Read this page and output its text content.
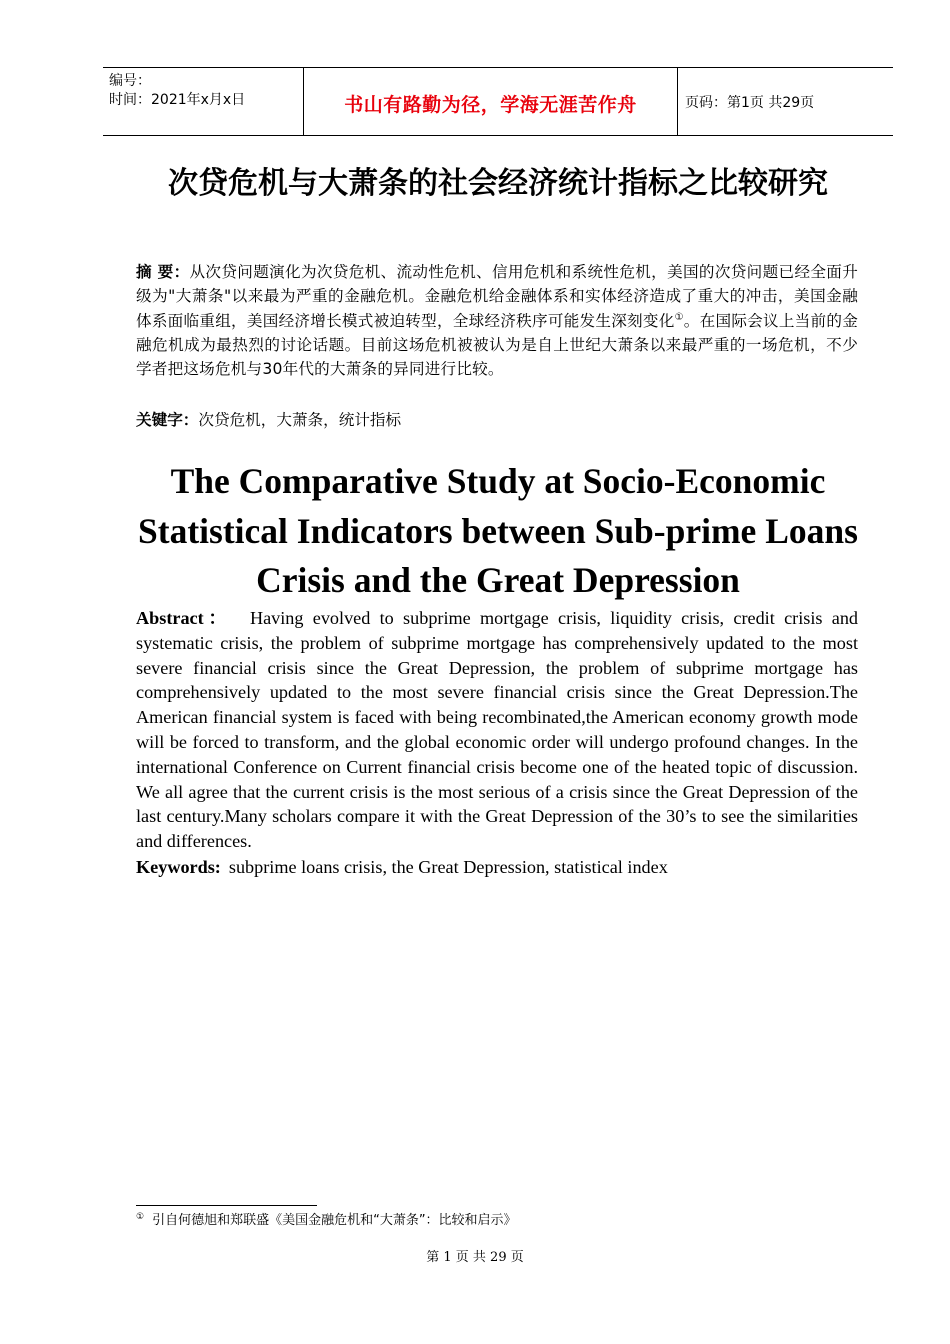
编号：
时间：2021年x月x日	书山有路勤为径，学海无涯苦作舟	页码：第1页 共29页
次贷危机与大萧条的社会经济统计指标之比较研究
摘 要：从次贷问题演化为次贷危机、流动性危机、信用危机和系统性危机，美国的次贷问题已经全面升级为"大萧条"以来最为严重的金融危机。金融危机给金融体系和实体经济造成了重大的冲击，美国金融体系面临重组，美国经济增长模式被迫转型，全球经济秩序可能发生深刻变化①。在国际会议上当前的金融危机成为最热烈的讨论话题。目前这场危机被被认为是自上世纪大萧条以来最严重的一场危机，不少学者把这场危机与30年代的大萧条的异同进行比较。
关键字：次贷危机，大萧条，统计指标
The Comparative Study at Socio-Economic
Statistical Indicators between Sub-prime Loans
Crisis and the Great Depression
Abstract： Having evolved to subprime mortgage crisis, liquidity crisis, credit crisis and systematic crisis, the problem of subprime mortgage has comprehensively updated to the most severe financial crisis since the Great Depression, the problem of subprime mortgage has comprehensively updated to the most severe financial crisis since the Great Depression.The American financial system is faced with being recombinated,the American economy growth mode will be forced to transform, and the global economic order will undergo profound changes. In the international Conference on Current financial crisis become one of the heated topic of discussion. We all agree that the current crisis is the most serious of a crisis since the Great Depression of the last century.Many scholars compare it with the Great Depression of the 30’s to see the similarities and differences.
Keywords: subprime loans crisis, the Great Depression, statistical index
① 引自何德旭和郑联盛《美国金融危机和“大萧条”：比较和启示》
第 1 页 共 29 页
